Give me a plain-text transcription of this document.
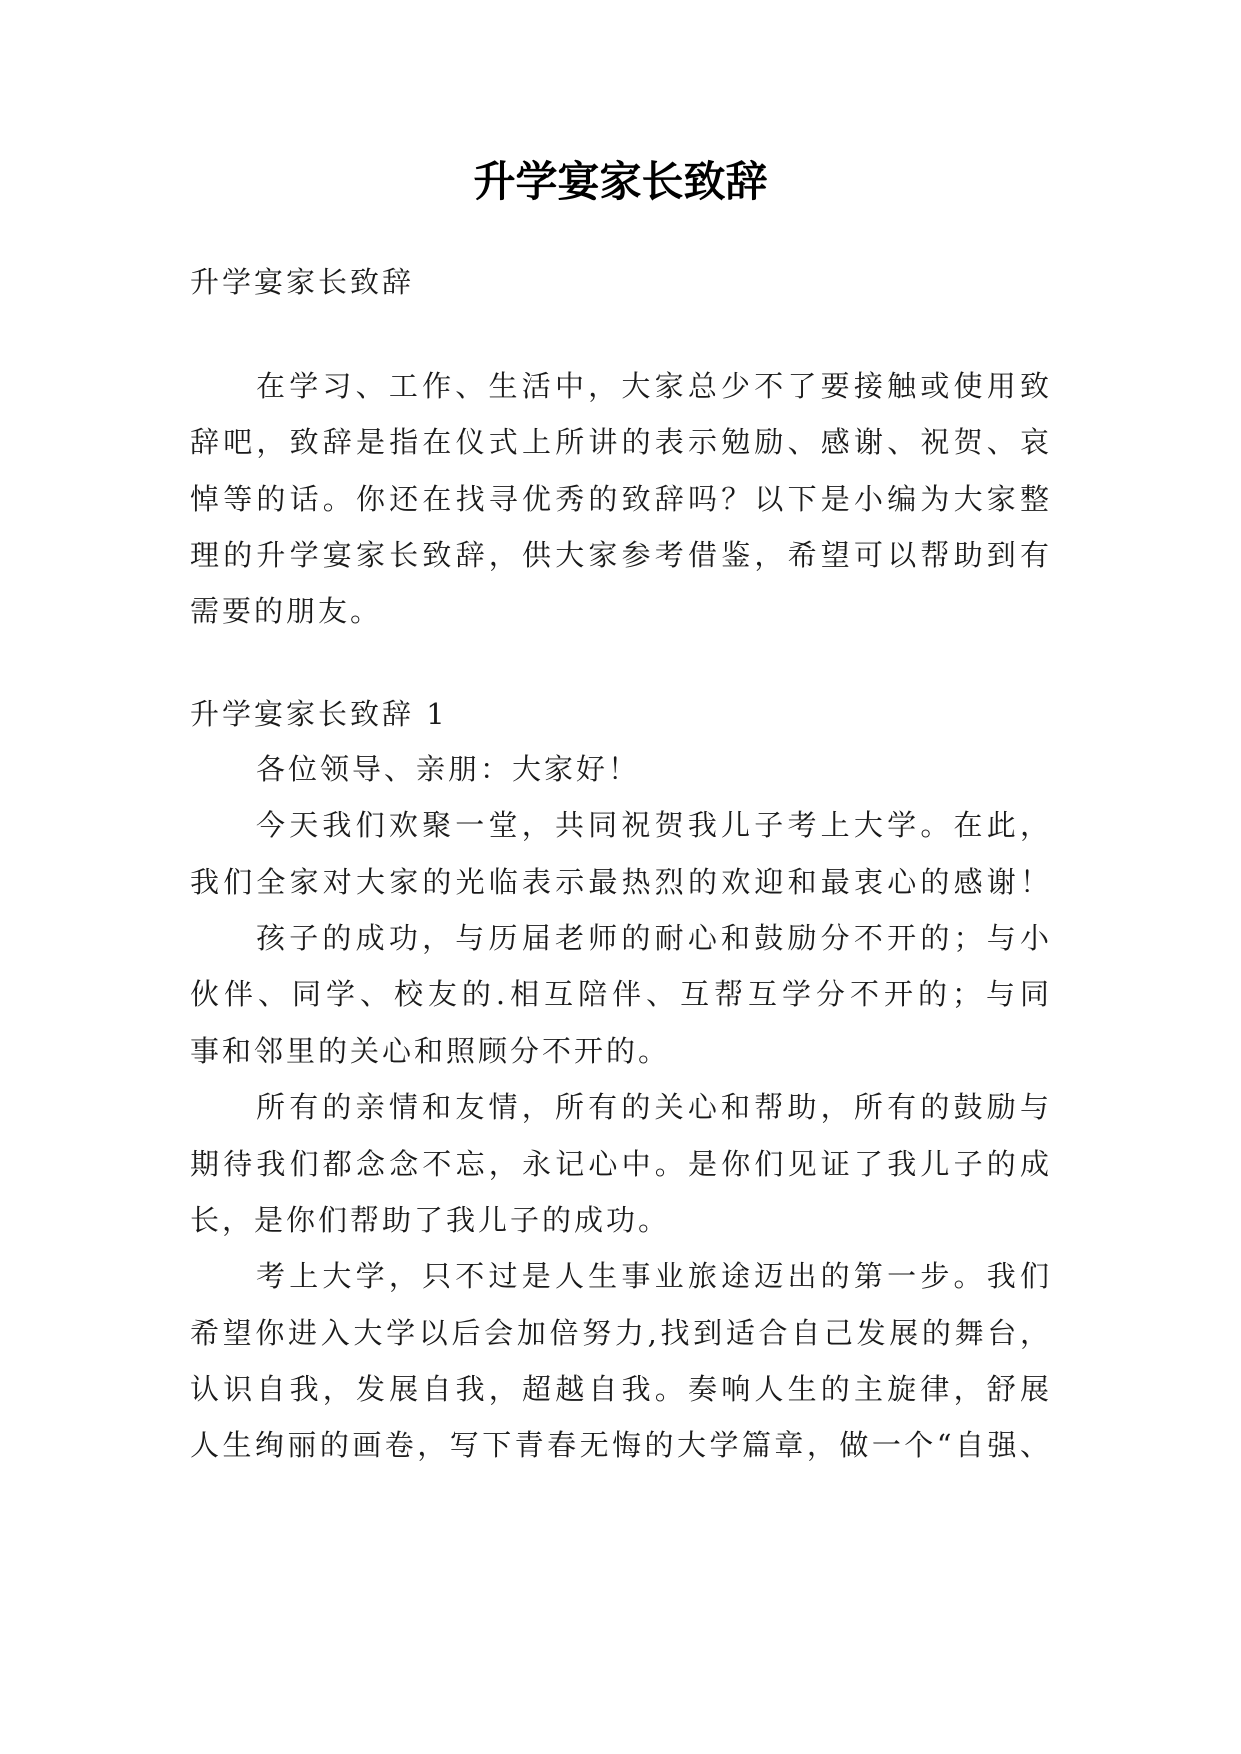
升学宴家长致辞

升学宴家长致辞

在学习、工作、生活中，大家总少不了要接触或使用致

辞吧，致辞是指在仪式上所讲的表示勉励、感谢、祝贺、哀

悼等的话。你还在找寻优秀的致辞吗？以下是小编为大家整

理的升学宴家长致辞，供大家参考借鉴，希望可以帮助到有

需要的朋友。

升学宴家长致辞 1

各位领导、亲朋：大家好！

今天我们欢聚一堂，共同祝贺我儿子考上大学。在此，

我们全家对大家的光临表示最热烈的欢迎和最衷心的感谢！

孩子的成功，与历届老师的耐心和鼓励分不开的；与小

伙伴、同学、校友的.相互陪伴、互帮互学分不开的；与同

事和邻里的关心和照顾分不开的。

所有的亲情和友情，所有的关心和帮助，所有的鼓励与

期待我们都念念不忘，永记心中。是你们见证了我儿子的成

长，是你们帮助了我儿子的成功。

考上大学，只不过是人生事业旅途迈出的第一步。我们

希望你进入大学以后会加倍努力,找到适合自己发展的舞台，

认识自我，发展自我，超越自我。奏响人生的主旋律，舒展

人生绚丽的画卷，写下青春无悔的大学篇章，做一个“自强、
